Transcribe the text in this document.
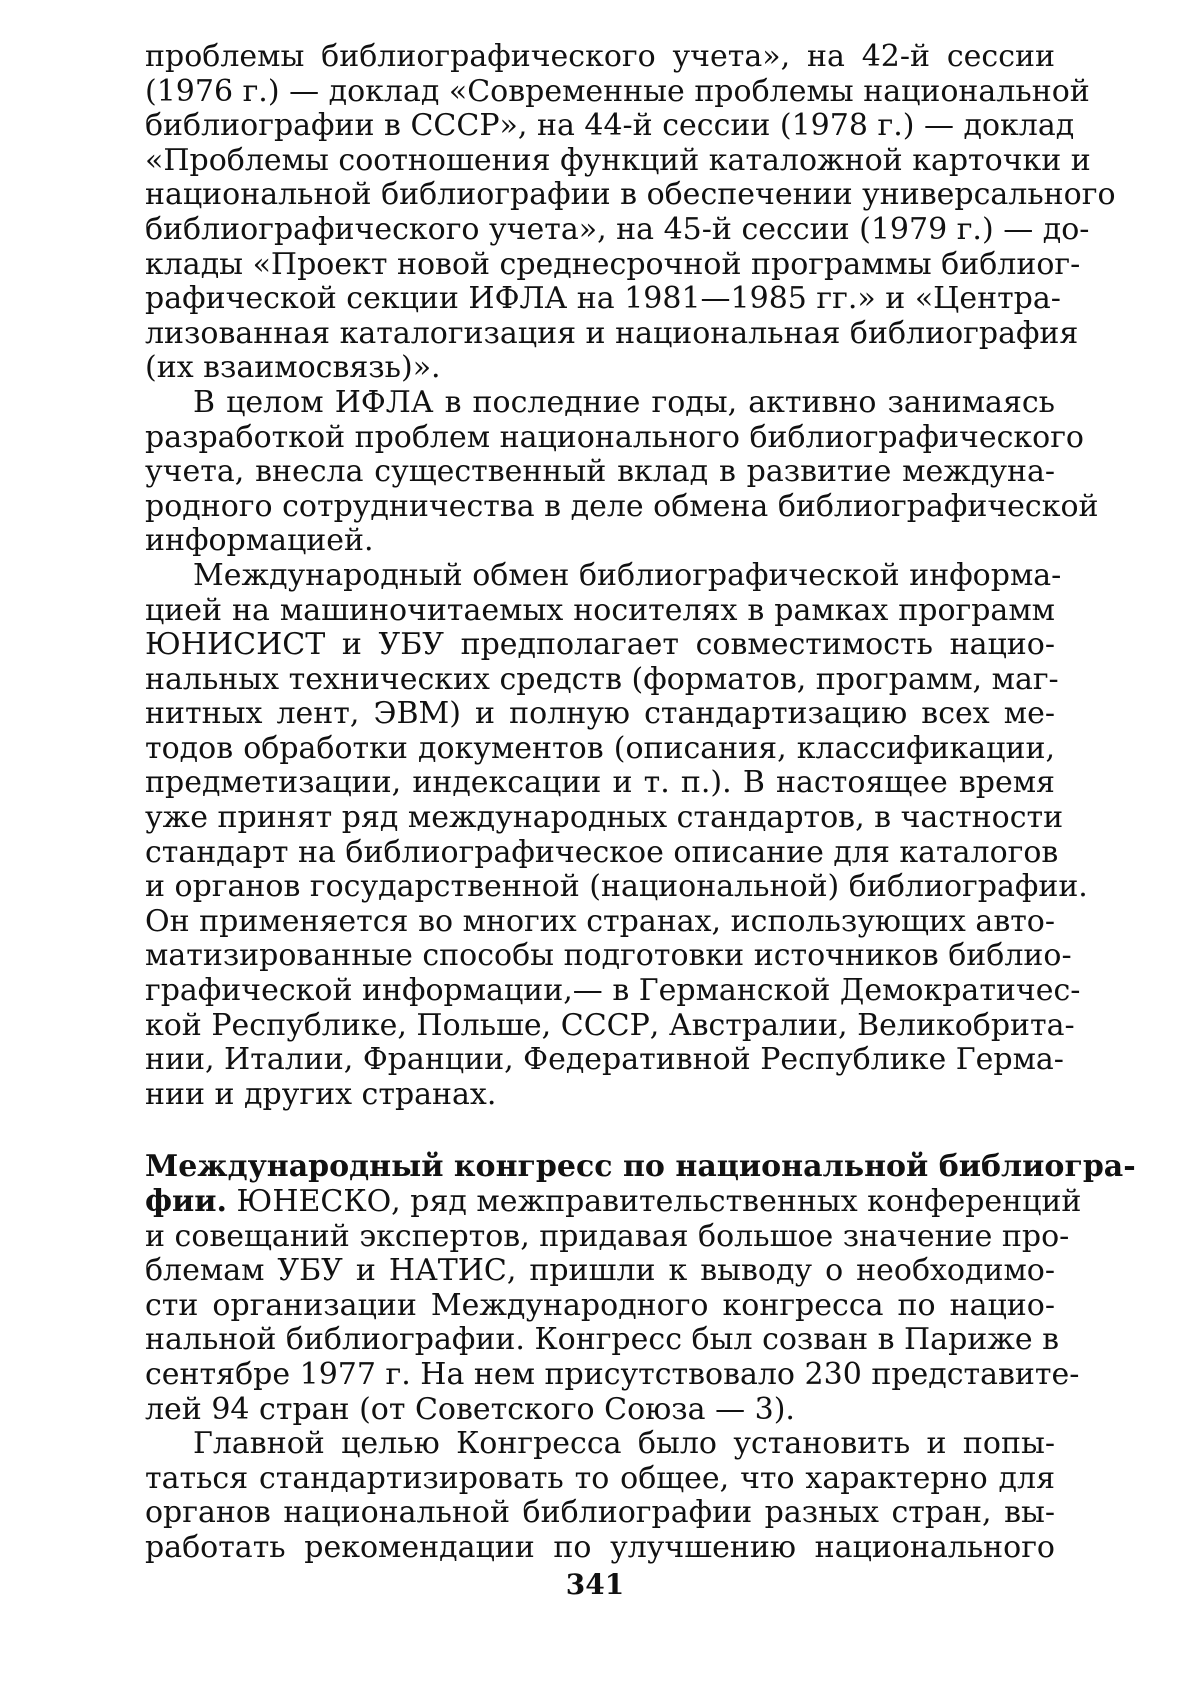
проблемы библиографического учета», на 42-й сессии
(1976 г.) — доклад «Современные проблемы национальной
библиографии в СССР», на 44-й сессии (1978 г.) — доклад
«Проблемы соотношения функций каталожной карточки и
национальной библиографии в обеспечении универсального
библиографического учета», на 45-й сессии (1979 г.) — до-
клады «Проект новой среднесрочной программы библиог-
рафической секции ИФЛА на 1981—1985 гг.» и «Центра-
лизованная каталогизация и национальная библиография
(их взаимосвязь)».
В целом ИФЛА в последние годы, активно занимаясь
разработкой проблем национального библиографического
учета, внесла существенный вклад в развитие междуна-
родного сотрудничества в деле обмена библиографической
информацией.
Международный обмен библиографической информа-
цией на машиночитаемых носителях в рамках программ
ЮНИСИСТ и УБУ предполагает совместимость нацио-
нальных технических средств (форматов, программ, маг-
нитных лент, ЭВМ) и полную стандартизацию всех ме-
тодов обработки документов (описания, классификации,
предметизации, индексации и т. п.). В настоящее время
уже принят ряд международных стандартов, в частности
стандарт на библиографическое описание для каталогов
и органов государственной (национальной) библиографии.
Он применяется во многих странах, использующих авто-
матизированные способы подготовки источников библио-
графической информации,— в Германской Демократичес-
кой Республике, Польше, СССР, Австралии, Великобрита-
нии, Италии, Франции, Федеративной Республике Герма-
нии и других странах.
Международный конгресс по национальной библиогра-
фии. ЮНЕСКО, ряд межправительственных конференций
и совещаний экспертов, придавая большое значение про-
блемам УБУ и НАТИС, пришли к выводу о необходимо-
сти организации Международного конгресса по нацио-
нальной библиографии. Конгресс был созван в Париже в
сентябре 1977 г. На нем присутствовало 230 представите-
лей 94 стран (от Советского Союза — 3).
Главной целью Конгресса было установить и попы-
таться стандартизировать то общее, что характерно для
органов национальной библиографии разных стран, вы-
работать рекомендации по улучшению национального
341
